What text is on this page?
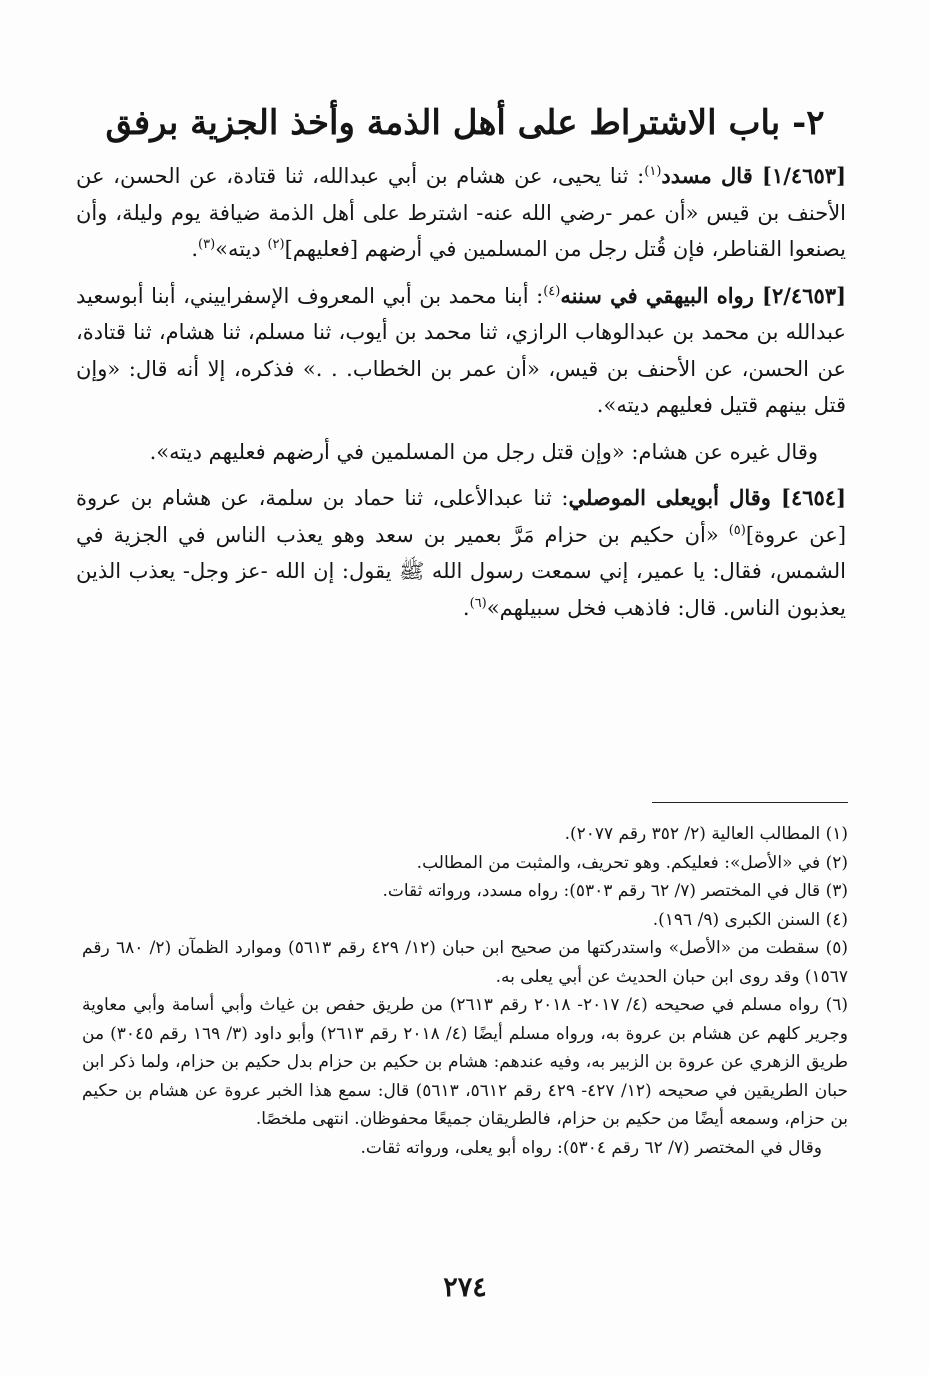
٢- باب الاشتراط على أهل الذمة وأخذ الجزية برفق

[١/٤٦٥٣] قال مسدد$^{(١)}$: ثنا يحيى، عن هشام بن أبي عبدالله، ثنا قتادة، عن الحسن، عن الأحنف بن قيس «أن عمر -رضي الله عنه- اشترط على أهل الذمة ضيافة يوم وليلة، وأن يصنعوا القناطر، فإن قُتل رجل من المسلمين في أرضهم [فعليهم]$^{(٢)}$ ديته»$^{(٣)}$.

[٢/٤٦٥٣] رواه البيهقي في سننه$^{(٤)}$: أبنا محمد بن أبي المعروف الإسفراييني، أبنا أبوسعيد عبدالله بن محمد بن عبدالوهاب الرازي، ثنا محمد بن أيوب، ثنا مسلم، ثنا هشام، ثنا قتادة، عن الحسن، عن الأحنف بن قيس، «أن عمر بن الخطاب. . .» فذكره، إلا أنه قال: «وإن قتل بينهم قتيل فعليهم ديته».

وقال غيره عن هشام: «وإن قتل رجل من المسلمين في أرضهم فعليهم ديته».

[٤٦٥٤] وقال أبويعلى الموصلي: ثنا عبدالأعلى، ثنا حماد بن سلمة، عن هشام بن عروة [عن عروة]$^{(٥)}$ «أن حكيم بن حزام مَرَّ بعمير بن سعد وهو يعذب الناس في الجزية في الشمس، فقال: يا عمير، إني سمعت رسول الله ﷺ يقول: إن الله -عز وجل- يعذب الذين يعذبون الناس. قال: فاذهب فخل سبيلهم»$^{(٦)}$.

(١) المطالب العالية (٢/ ٣٥٢ رقم ٢٠٧٧).

(٢) في «الأصل»: فعليكم. وهو تحريف، والمثبت من المطالب.

(٣) قال في المختصر (٧/ ٦٢ رقم ٥٣٠٣): رواه مسدد، ورواته ثقات.

(٤) السنن الكبرى (٩/ ١٩٦).

(٥) سقطت من «الأصل» واستدركتها من صحيح ابن حبان (١٢/ ٤٢٩ رقم ٥٦١٣) وموارد الظمآن (٢/ ٦٨٠ رقم ١٥٦٧) وقد روى ابن حبان الحديث عن أبي يعلى به.

(٦) رواه مسلم في صحيحه (٤/ ٢٠١٧- ٢٠١٨ رقم ٢٦١٣) من طريق حفص بن غياث وأبي أسامة وأبي معاوية وجرير كلهم عن هشام بن عروة به، ورواه مسلم أيضًا (٤/ ٢٠١٨ رقم ٢٦١٣) وأبو داود (٣/ ١٦٩ رقم ٣٠٤٥) من طريق الزهري عن عروة بن الزبير به، وفيه عندهم: هشام بن حكيم بن حزام بدل حكيم بن حزام، ولما ذكر ابن حبان الطريقين في صحيحه (١٢/ ٤٢٧- ٤٢٩ رقم ٥٦١٢، ٥٦١٣) قال: سمع هذا الخبر عروة عن هشام بن حكيم بن حزام، وسمعه أيضًا من حكيم بن حزام، فالطريقان جميعًا محفوظان. انتهى ملخصًا.

وقال في المختصر (٧/ ٦٢ رقم ٥٣٠٤): رواه أبو يعلى، ورواته ثقات.

٢٧٤
